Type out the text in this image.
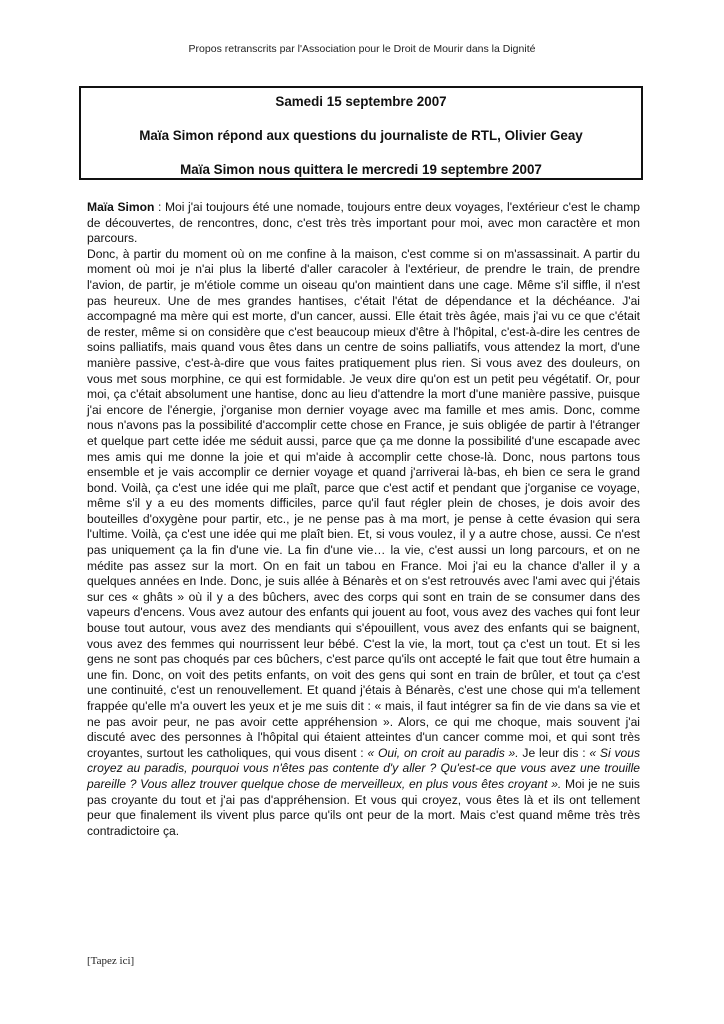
Propos retranscrits par l'Association pour le Droit de Mourir dans la Dignité
Samedi 15 septembre 2007
Maïa Simon répond aux questions du journaliste de RTL, Olivier Geay
Maïa Simon nous quittera le mercredi 19 septembre 2007

Maïa Simon : Moi j'ai toujours été une nomade, toujours entre deux voyages, l'extérieur c'est le champ de découvertes, de rencontres, donc, c'est très très important pour moi, avec mon caractère et mon parcours.

Donc, à partir du moment où on me confine à la maison, c'est comme si on m'assassinait. A partir du moment où moi je n'ai plus la liberté d'aller caracoler à l'extérieur, de prendre le train, de prendre l'avion, de partir, je m'étiole comme un oiseau qu'on maintient dans une cage. Même s'il siffle, il n'est pas heureux. Une de mes grandes hantises, c'était l'état de dépendance et la déchéance. J'ai accompagné ma mère qui est morte, d'un cancer, aussi. Elle était très âgée, mais j'ai vu ce que c'était de rester, même si on considère que c'est beaucoup mieux d'être à l'hôpital, c'est-à-dire les centres de soins palliatifs, mais quand vous êtes dans un centre de soins palliatifs, vous attendez la mort, d'une manière passive, c'est-à-dire que vous faites pratiquement plus rien. Si vous avez des douleurs, on vous met sous morphine, ce qui est formidable. Je veux dire qu'on est un petit peu végétatif. Or, pour moi, ça c'était absolument une hantise, donc au lieu d'attendre la mort d'une manière passive, puisque j'ai encore de l'énergie, j'organise mon dernier voyage avec ma famille et mes amis. Donc, comme nous n'avons pas la possibilité d'accomplir cette chose en France, je suis obligée de partir à l'étranger et quelque part cette idée me séduit aussi, parce que ça me donne la possibilité d'une escapade avec mes amis qui me donne la joie et qui m'aide à accomplir cette chose-là. Donc, nous partons tous ensemble et je vais accomplir ce dernier voyage et quand j'arriverai là-bas, eh bien ce sera le grand bond. Voilà, ça c'est une idée qui me plaît, parce que c'est actif et pendant que j'organise ce voyage, même s'il y a eu des moments difficiles, parce qu'il faut régler plein de choses, je dois avoir des bouteilles d'oxygène pour partir, etc., je ne pense pas à ma mort, je pense à cette évasion qui sera l'ultime. Voilà, ça c'est une idée qui me plaît bien. Et, si vous voulez, il y a autre chose, aussi. Ce n'est pas uniquement ça la fin d'une vie. La fin d'une vie… la vie, c'est aussi un long parcours, et on ne médite pas assez sur la mort. On en fait un tabou en France. Moi j'ai eu la chance d'aller il y a quelques années en Inde. Donc, je suis allée à Bénarès et on s'est retrouvés avec l'ami avec qui j'étais sur ces « ghâts » où il y a des bûchers, avec des corps qui sont en train de se consumer dans des vapeurs d'encens. Vous avez autour des enfants qui jouent au foot, vous avez des vaches qui font leur bouse tout autour, vous avez des mendiants qui s'épouillent, vous avez des enfants qui se baignent, vous avez des femmes qui nourrissent leur bébé. C'est la vie, la mort, tout ça c'est un tout. Et si les gens ne sont pas choqués par ces bûchers, c'est parce qu'ils ont accepté le fait que tout être humain a une fin. Donc, on voit des petits enfants, on voit des gens qui sont en train de brûler, et tout ça c'est une continuité, c'est un renouvellement. Et quand j'étais à Bénarès, c'est une chose qui m'a tellement frappée qu'elle m'a ouvert les yeux et je me suis dit : « mais, il faut intégrer sa fin de vie dans sa vie et ne pas avoir peur, ne pas avoir cette appréhension ». Alors, ce qui me choque, mais souvent j'ai discuté avec des personnes à l'hôpital qui étaient atteintes d'un cancer comme moi, et qui sont très croyantes, surtout les catholiques, qui vous disent : « Oui, on croit au paradis ». Je leur dis : « Si vous croyez au paradis, pourquoi vous n'êtes pas contente d'y aller ? Qu'est-ce que vous avez une trouille pareille ? Vous allez trouver quelque chose de merveilleux, en plus vous êtes croyant ». Moi je ne suis pas croyante du tout et j'ai pas d'appréhension. Et vous qui croyez, vous êtes là et ils ont tellement peur que finalement ils vivent plus parce qu'ils ont peur de la mort. Mais c'est quand même très très contradictoire ça.

[Tapez ici]
